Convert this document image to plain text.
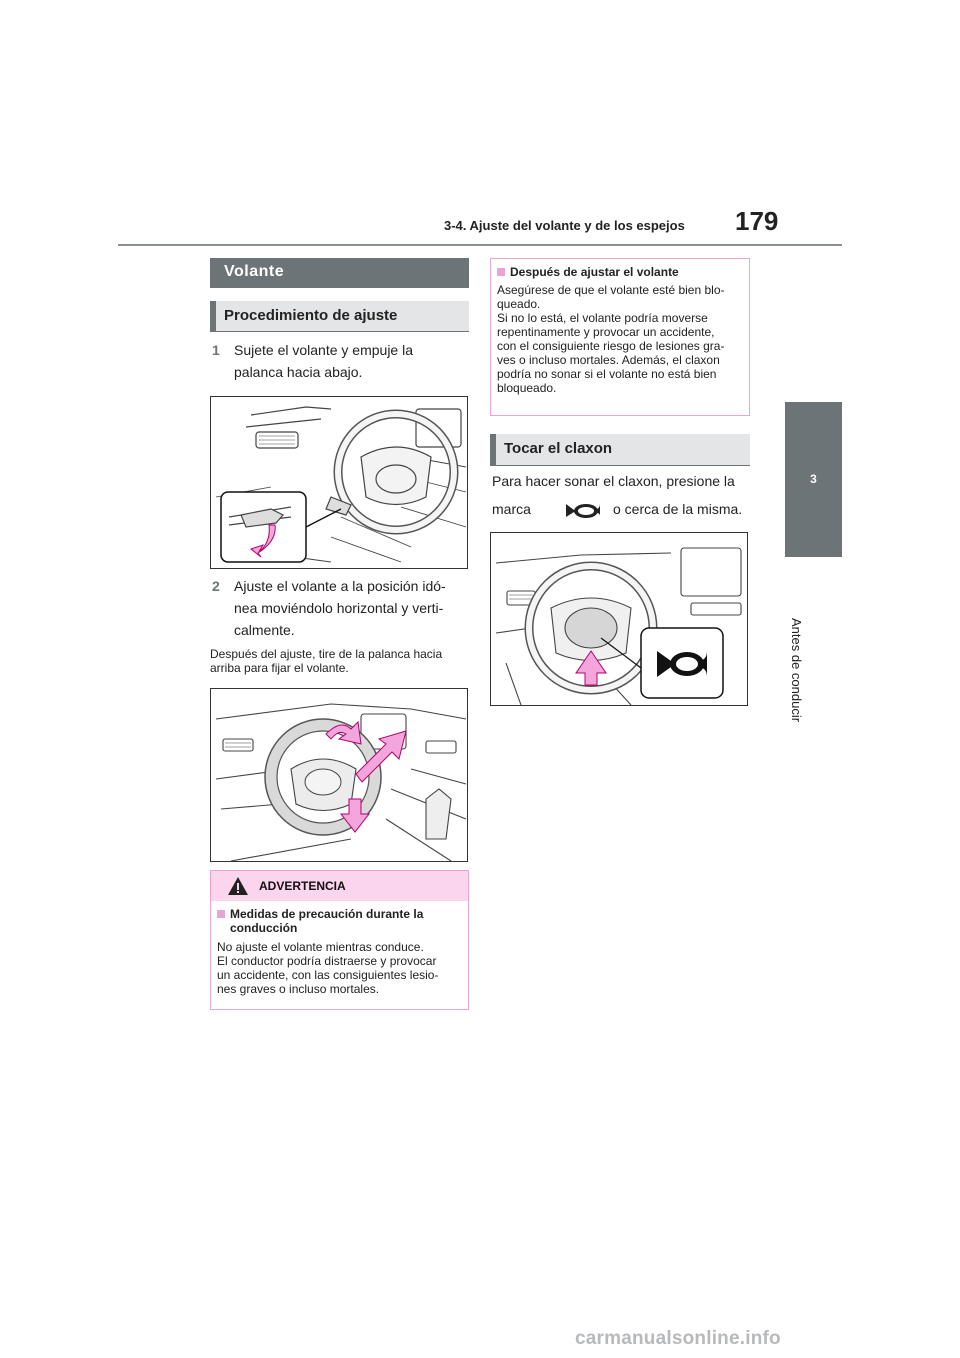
3-4. Ajuste del volante y de los espejos 179
3
Antes de conducir
Volante
Procedimiento de ajuste
1 Sujete el volante y empuje la
palanca hacia abajo.
2 Ajuste el volante a la posición idó-
nea moviéndolo horizontal y verti-
calmente.
Después del ajuste, tire de la palanca hacia
arriba para fijar el volante.
ADVERTENCIA
Medidas de precaución durante la
conducción
No ajuste el volante mientras conduce.
El conductor podría distraerse y provocar
un accidente, con las consiguientes lesio-
nes graves o incluso mortales.
Después de ajustar el volante
Asegúrese de que el volante esté bien blo-
queado.
Si no lo está, el volante podría moverse
repentinamente y provocar un accidente,
con el consiguiente riesgo de lesiones gra-
ves o incluso mortales. Además, el claxon
podría no sonar si el volante no está bien
bloqueado.
Tocar el claxon
Para hacer sonar el claxon, presione la
marca	o cerca de la misma.
carmanualsonline.info
